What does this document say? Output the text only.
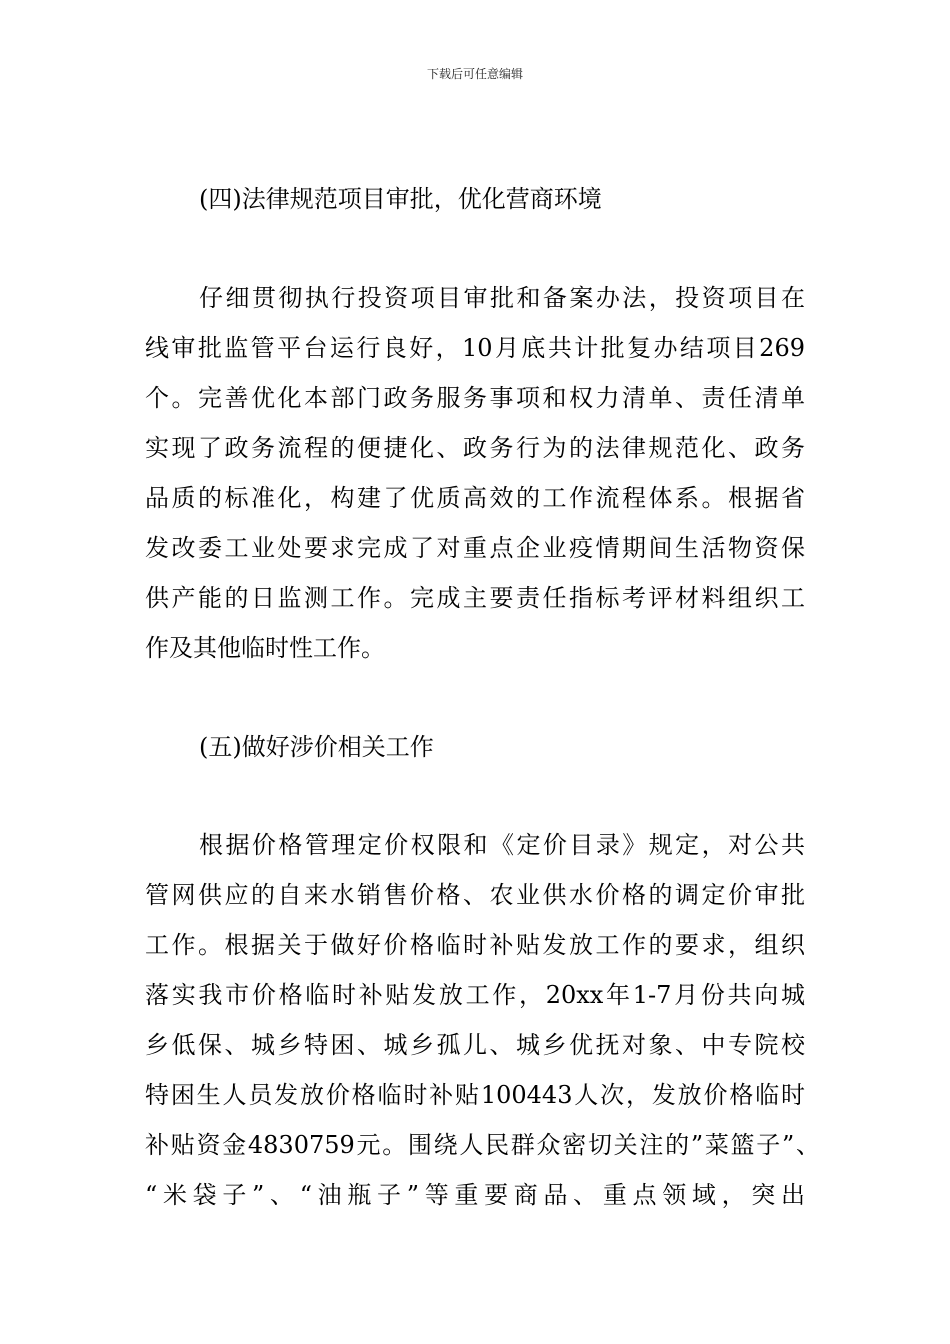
下载后可任意编辑
(四)法律规范项目审批，优化营商环境
仔细贯彻执行投资项目审批和备案办法，投资项目在
线审批监管平台运行良好，10月底共计批复办结项目269
个。完善优化本部门政务服务事项和权力清单、责任清单
实现了政务流程的便捷化、政务行为的法律规范化、政务
品质的标准化，构建了优质高效的工作流程体系。根据省
发改委工业处要求完成了对重点企业疫情期间生活物资保
供产能的日监测工作。完成主要责任指标考评材料组织工
作及其他临时性工作。
(五)做好涉价相关工作
根据价格管理定价权限和《定价目录》规定，对公共
管网供应的自来水销售价格、农业供水价格的调定价审批
工作。根据关于做好价格临时补贴发放工作的要求，组织
落实我市价格临时补贴发放工作，20xx年1-7月份共向城
乡低保、城乡特困、城乡孤儿、城乡优抚对象、中专院校
特困生人员发放价格临时补贴100443人次，发放价格临时
补贴资金4830759元。围绕人民群众密切关注的”菜篮子”、
“米袋子”、“油瓶子”等重要商品、重点领域，突出
